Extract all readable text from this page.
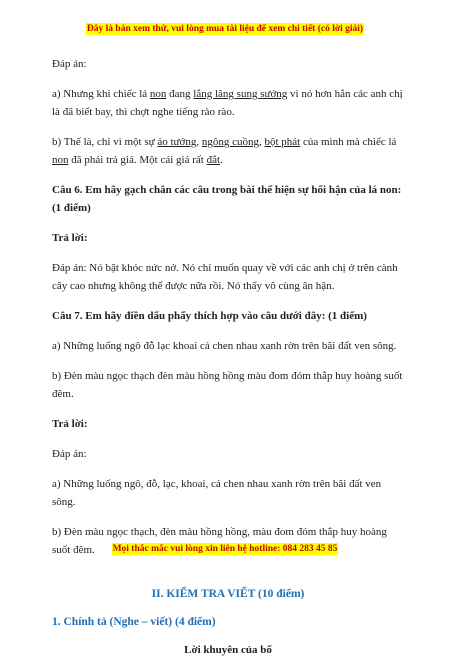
Đây là bản xem thử, vui lòng mua tài liệu để xem chi tiết (có lời giải)

Đáp án:

a) Nhưng khi chiếc lá non đang lắng lăng sung sướng vì nó hơn hẳn các anh chị là đã biết bay, thì chợt nghe tiếng rào rào.

b) Thế là, chỉ vì một sự ảo tưởng, ngông cuồng, bột phát của mình mà chiếc lá non đã phải trả giá. Một cái giá rất đắt.

Câu 6. Em hãy gạch chân các câu trong bài thể hiện sự hối hận của lá non: (1 điểm)

Trả lời:

Đáp án: Nó bật khóc nức nở. Nó chỉ muốn quay về với các anh chị ở trên cành cây cao nhưng không thể được nữa rồi. Nó thấy vô cùng ân hận.

Câu 7. Em hãy điền dấu phẩy thích hợp vào câu dưới đây: (1 điểm)

a) Những luống ngô đỗ lạc khoai cả chen nhau xanh rờn trên bãi đất ven sông.

b) Đèn màu ngọc thạch đèn màu hồng hồng màu đom đóm thắp huy hoàng suốt đêm.

Trả lời:

Đáp án:

a) Những luống ngô, đỗ, lạc, khoai, cả chen nhau xanh rờn trên bãi đất ven sông.

b) Đèn màu ngọc thạch, đèn màu hồng hồng, màu đom đóm thắp huy hoàng suốt đêm.

II. KIỂM TRA VIẾT (10 điểm)

1. Chính tả (Nghe – viết) (4 điểm)

Lời khuyên của bố

Mọi thắc mắc vui lòng xin liên hệ hotline: 084 283 45 85
